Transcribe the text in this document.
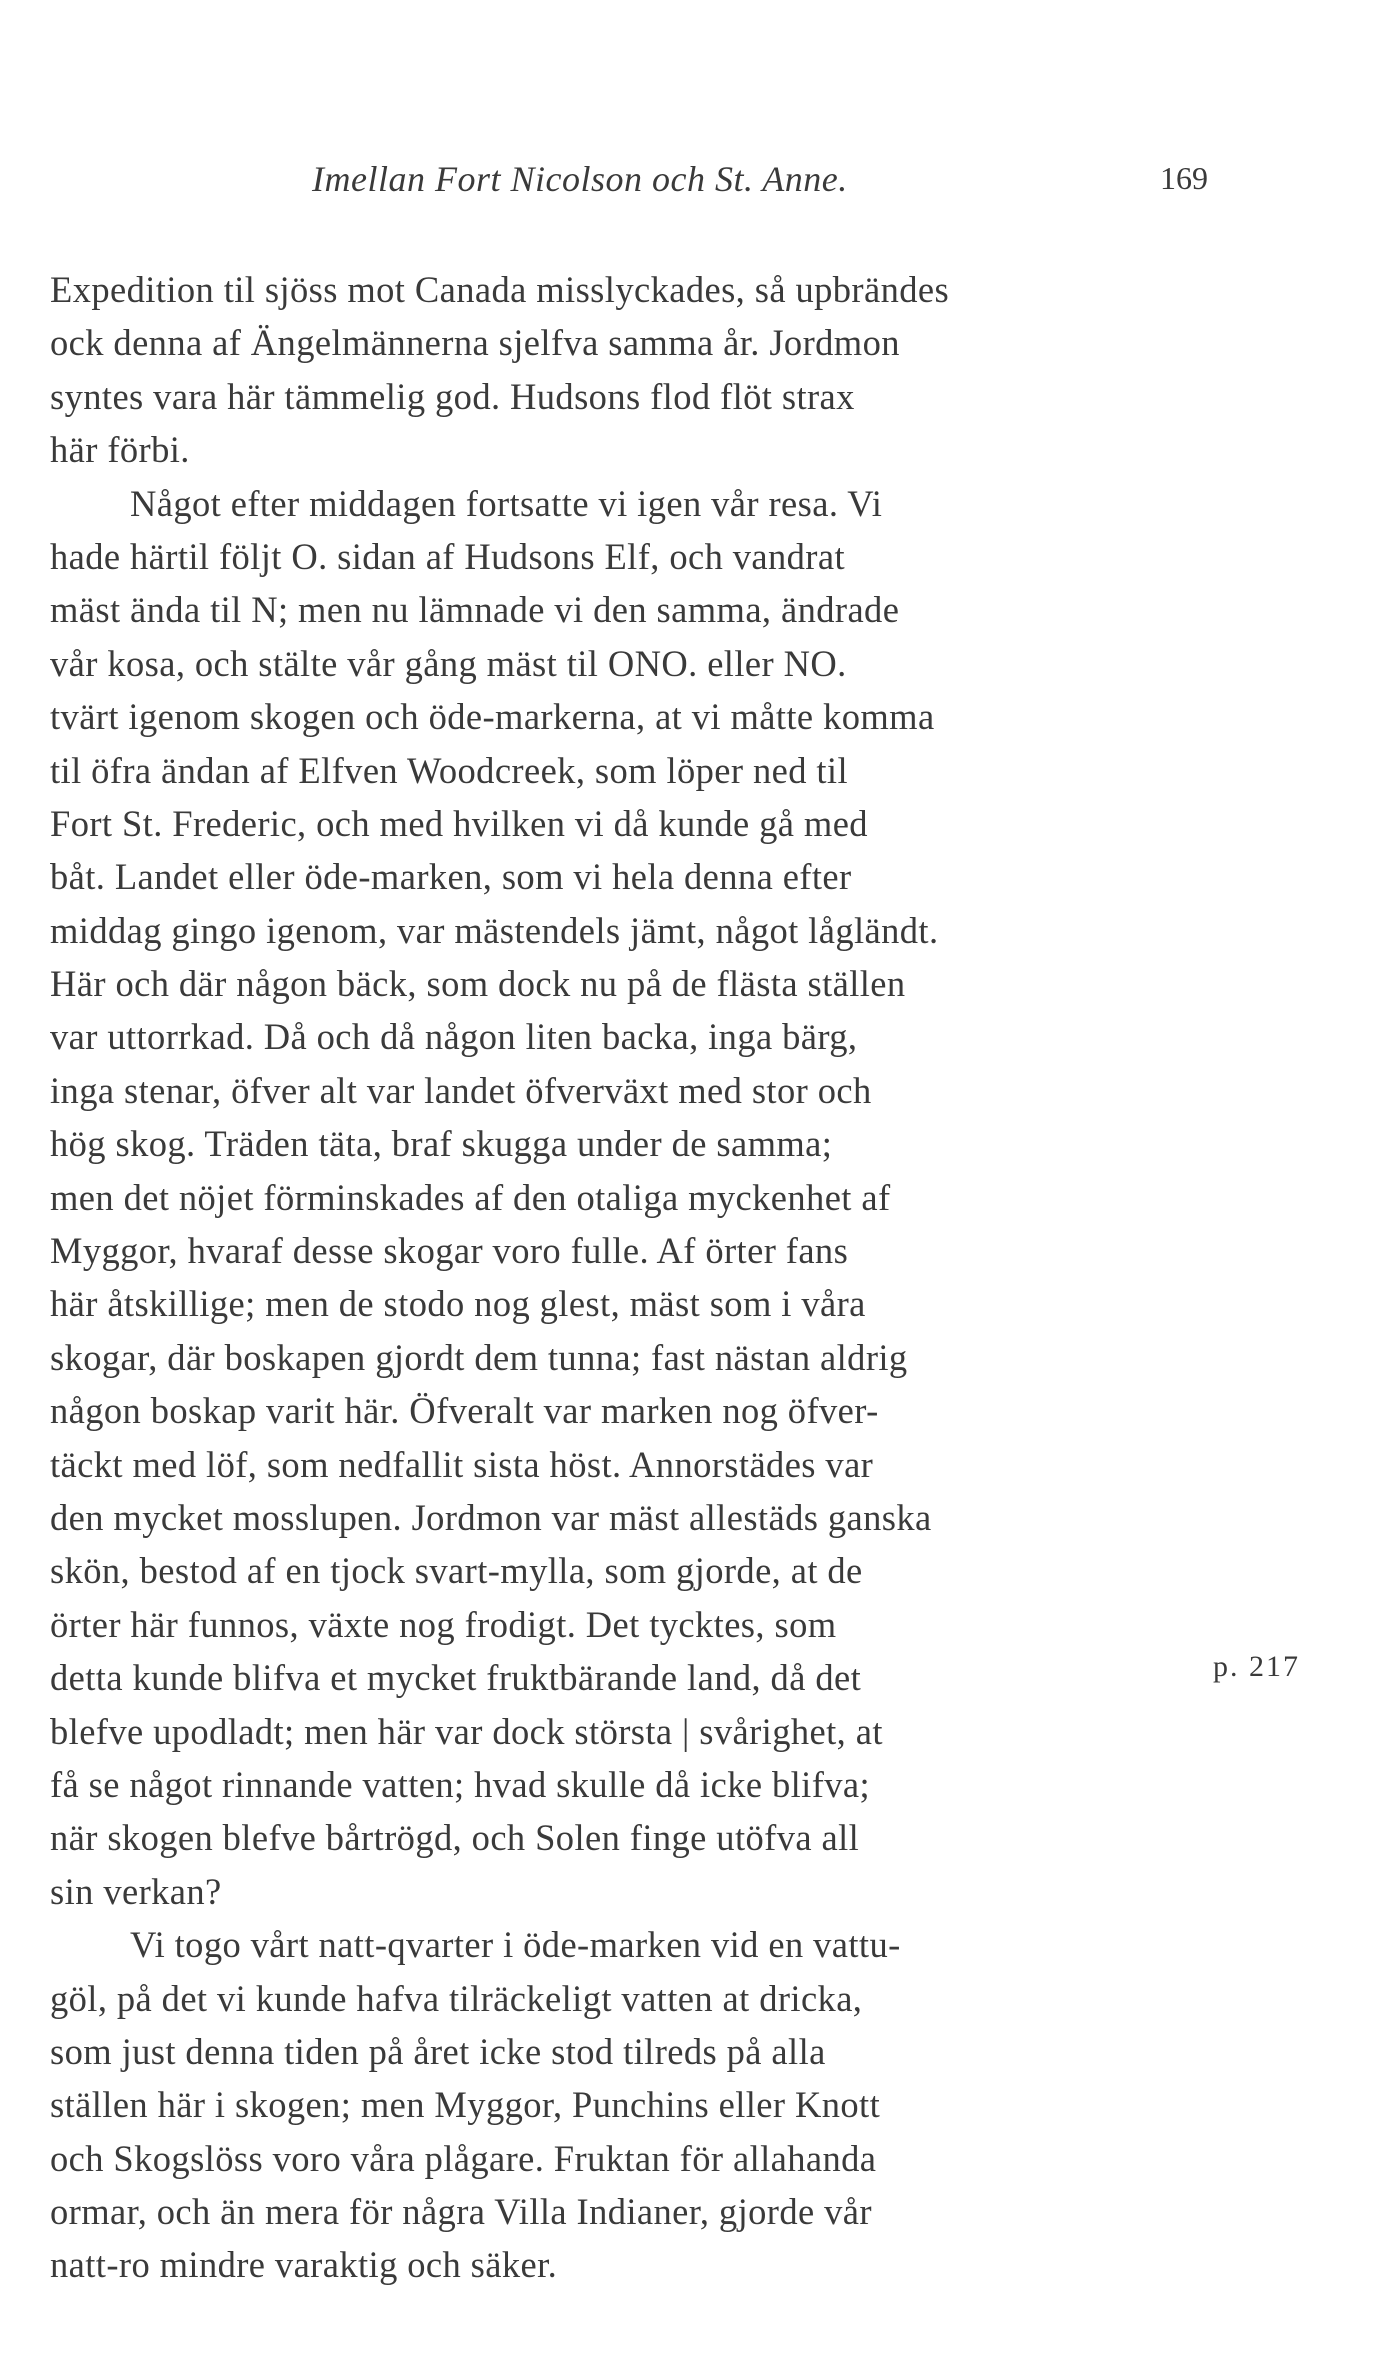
Imellan Fort Nicolson och St. Anne.	169
Expedition til sjöss mot Canada misslyckades, så upbrändes
ock denna af Ängelmännerna sjelfva samma år. Jordmon
syntes vara här tämmelig god. Hudsons flod flöt strax
här förbi.
Något efter middagen fortsatte vi igen vår resa. Vi
hade härtil följt O. sidan af Hudsons Elf, och vandrat
mäst ända til N; men nu lämnade vi den samma, ändrade
vår kosa, och stälte vår gång mäst til ONO. eller NO.
tvärt igenom skogen och öde-markerna, at vi måtte komma
til öfra ändan af Elfven Woodcreek, som löper ned til
Fort St. Frederic, och med hvilken vi då kunde gå med
båt. Landet eller öde-marken, som vi hela denna efter
middag gingo igenom, var mästendels jämt, något lågländt.
Här och där någon bäck, som dock nu på de flästa ställen
var uttorrkad. Då och då någon liten backa, inga bärg,
inga stenar, öfver alt var landet öfverväxt med stor och
hög skog. Träden täta, braf skugga under de samma;
men det nöjet förminskades af den otaliga myckenhet af
Myggor, hvaraf desse skogar voro fulle. Af örter fans
här åtskillige; men de stodo nog glest, mäst som i våra
skogar, där boskapen gjordt dem tunna; fast nästan aldrig
någon boskap varit här. Öfveralt var marken nog öfver-
täckt med löf, som nedfallit sista höst. Annorstädes var
den mycket mosslupen. Jordmon var mäst allestäds ganska
skön, bestod af en tjock svart-mylla, som gjorde, at de
örter här funnos, växte nog frodigt. Det tycktes, som
detta kunde blifva et mycket fruktbärande land, då det
blefve upodladt; men här var dock största | svårighet, at
få se något rinnande vatten; hvad skulle då icke blifva;
när skogen blefve bårtrögd, och Solen finge utöfva all
sin verkan?
Vi togo vårt natt-qvarter i öde-marken vid en vattu-
göl, på det vi kunde hafva tilräckeligt vatten at dricka,
som just denna tiden på året icke stod tilreds på alla
ställen här i skogen; men Myggor, Punchins eller Knott
och Skogslöss voro våra plågare. Fruktan för allahanda
ormar, och än mera för några Villa Indianer, gjorde vår
natt-ro mindre varaktig och säker.
p. 217
